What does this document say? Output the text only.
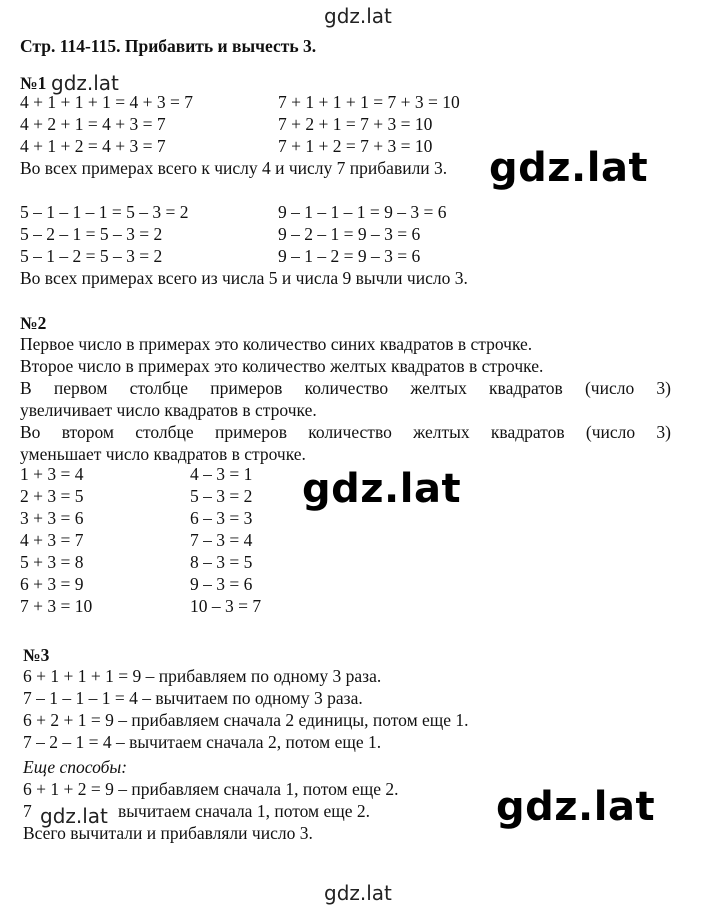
gdz.lat
Стр. 114-115. Прибавить и вычесть 3.
№1 gdz.lat
4 + 1 + 1 + 1 = 4 + 3 = 7
4 + 2 + 1 = 4 + 3 = 7
4 + 1 + 2 = 4 + 3 = 7
7 + 1 + 1 + 1 = 7 + 3 = 10
7 + 2 + 1 = 7 + 3 = 10
7 + 1 + 2 = 7 + 3 = 10
Во всех примерах всего к числу 4 и числу 7 прибавили 3. gdz.lat
5 – 1 – 1 – 1 = 5 – 3 = 2
5 – 2 – 1 = 5 – 3 = 2
5 – 1 – 2 = 5 – 3 = 2
9 – 1 – 1 – 1 = 9 – 3 = 6
9 – 2 – 1 = 9 – 3 = 6
9 – 1 – 2 = 9 – 3 = 6
Во всех примерах всего из числа 5 и числа 9 вычли число 3.
№2
Первое число в примерах это количество синих квадратов в строчке.
Второе число в примерах это количество желтых квадратов в строчке.
В первом столбце примеров количество желтых квадратов (число 3)
увеличивает число квадратов в строчке.
Во втором столбце примеров количество желтых квадратов (число 3)
уменьшает число квадратов в строчке.
1 + 3 = 4
2 + 3 = 5
3 + 3 = 6
4 + 3 = 7
5 + 3 = 8
6 + 3 = 9
7 + 3 = 10
4 – 3 = 1
5 – 3 = 2
6 – 3 = 3
7 – 3 = 4
8 – 3 = 5
9 – 3 = 6
10 – 3 = 7
gdz.lat
№3
6 + 1 + 1 + 1 = 9 – прибавляем по одному 3 раза.
7 – 1 – 1 – 1 = 4 – вычитаем по одному 3 раза.
6 + 2 + 1 = 9 – прибавляем сначала 2 единицы, потом еще 1.
7 – 2 – 1 = 4 – вычитаем сначала 2, потом еще 1.
Еще способы:
6 + 1 + 2 = 9 – прибавляем сначала 1, потом еще 2.
7	вычитаем сначала 1, потом еще 2.
gdz.lat
Всего вычитали и прибавляли число 3.
gdz.lat
gdz.lat
